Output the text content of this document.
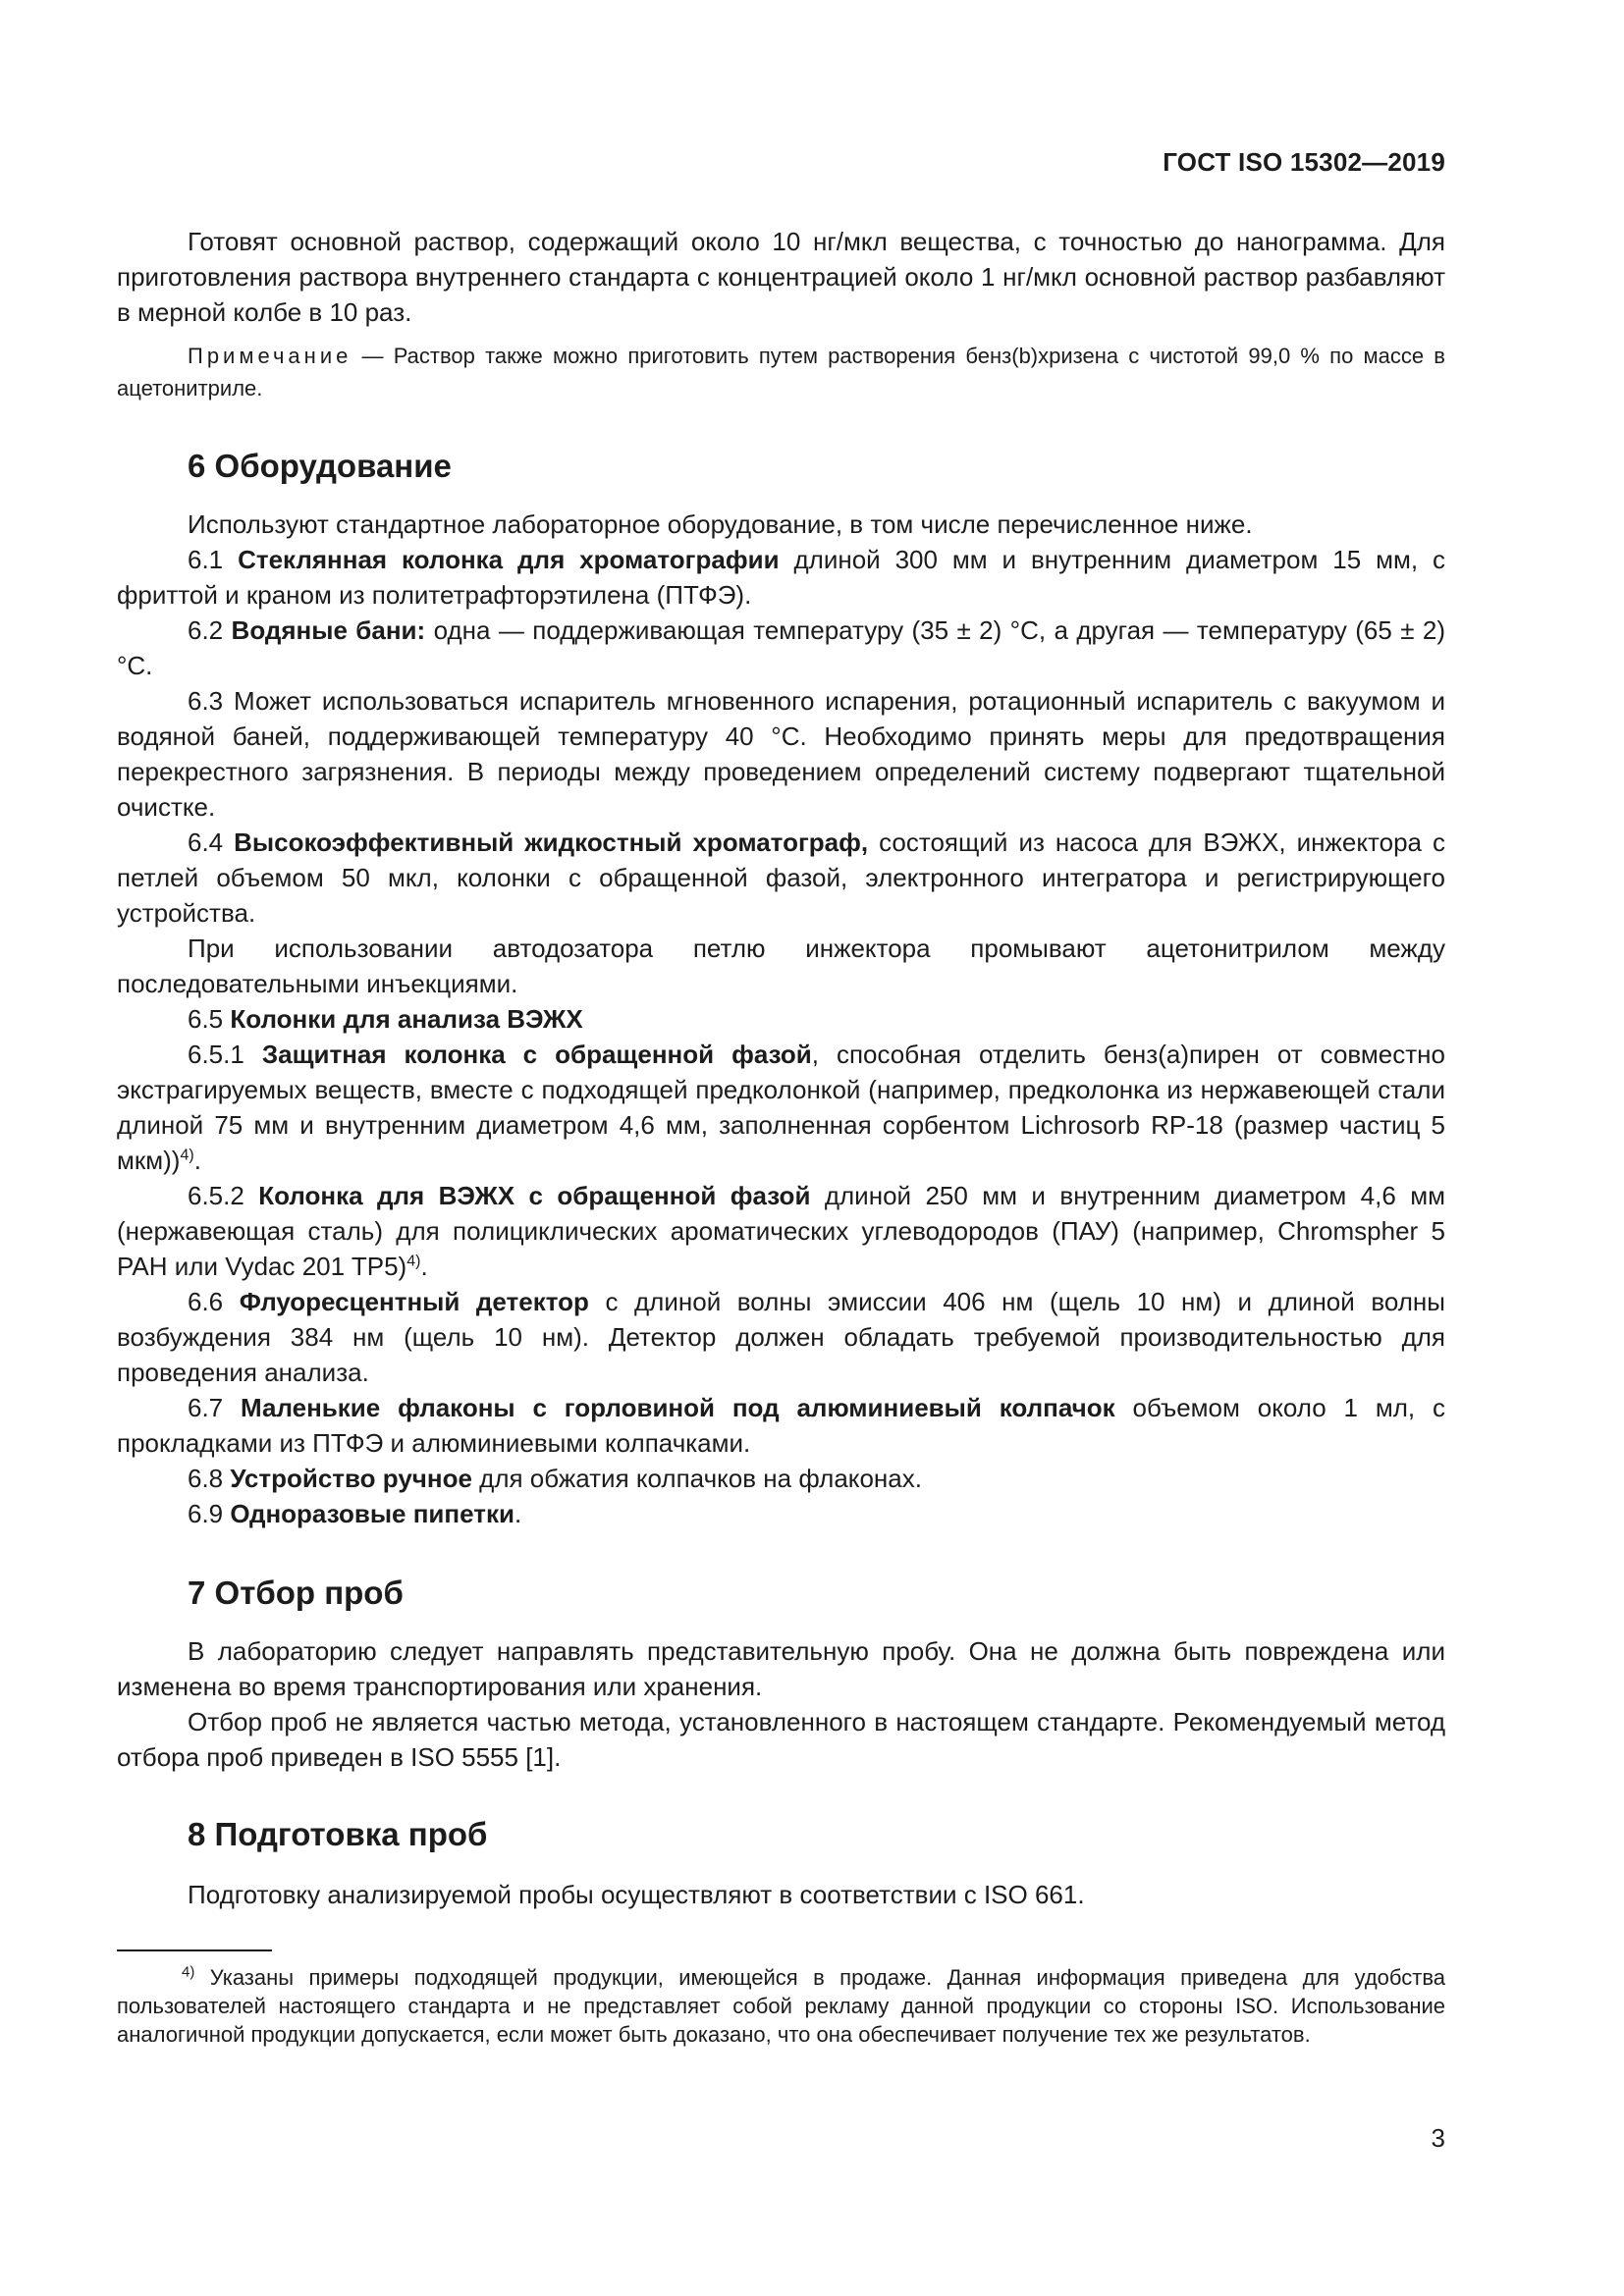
ГОСТ ISO 15302—2019

Готовят основной раствор, содержащий около 10 нг/мкл вещества, с точностью до нанограмма. Для приготовления раствора внутреннего стандарта с концентрацией около 1 нг/мкл основной раствор разбавляют в мерной колбе в 10 раз.

Примечание — Раствор также можно приготовить путем растворения бенз(b)хризена с чистотой 99,0 % по массе в ацетонитриле.

6 Оборудование

Используют стандартное лабораторное оборудование, в том числе перечисленное ниже.

6.1 Стеклянная колонка для хроматографии длиной 300 мм и внутренним диаметром 15 мм, с фриттой и краном из политетрафторэтилена (ПТФЭ).

6.2 Водяные бани: одна — поддерживающая температуру (35 ± 2) °С, а другая — температуру (65 ± 2) °С.

6.3 Может использоваться испаритель мгновенного испарения, ротационный испаритель с вакуумом и водяной баней, поддерживающей температуру 40 °С. Необходимо принять меры для предотвращения перекрестного загрязнения. В периоды между проведением определений систему подвергают тщательной очистке.

6.4 Высокоэффективный жидкостный хроматограф, состоящий из насоса для ВЭЖХ, инжектора с петлей объемом 50 мкл, колонки с обращенной фазой, электронного интегратора и регистрирующего устройства.

При использовании автодозатора петлю инжектора промывают ацетонитрилом между последовательными инъекциями.

6.5 Колонки для анализа ВЭЖХ

6.5.1 Защитная колонка с обращенной фазой, способная отделить бенз(а)пирен от совместно экстрагируемых веществ, вместе с подходящей предколонкой (например, предколонка из нержавеющей стали длиной 75 мм и внутренним диаметром 4,6 мм, заполненная сорбентом Lichrosorb RP-18 (размер частиц 5 мкм))$^{4)}$.

6.5.2 Колонка для ВЭЖХ с обращенной фазой длиной 250 мм и внутренним диаметром 4,6 мм (нержавеющая сталь) для полициклических ароматических углеводородов (ПАУ) (например, Chromspher 5 PAH или Vydac 201 TP5)$^{4)}$.

6.6 Флуоресцентный детектор с длиной волны эмиссии 406 нм (щель 10 нм) и длиной волны возбуждения 384 нм (щель 10 нм). Детектор должен обладать требуемой производительностью для проведения анализа.

6.7 Маленькие флаконы с горловиной под алюминиевый колпачок объемом около 1 мл, с прокладками из ПТФЭ и алюминиевыми колпачками.

6.8 Устройство ручное для обжатия колпачков на флаконах.

6.9 Одноразовые пипетки.

7 Отбор проб

В лабораторию следует направлять представительную пробу. Она не должна быть повреждена или изменена во время транспортирования или хранения.

Отбор проб не является частью метода, установленного в настоящем стандарте. Рекомендуемый метод отбора проб приведен в ISO 5555 [1].

8 Подготовка проб

Подготовку анализируемой пробы осуществляют в соответствии с ISO 661.

$^{4)}$ Указаны примеры подходящей продукции, имеющейся в продаже. Данная информация приведена для удобства пользователей настоящего стандарта и не представляет собой рекламу данной продукции со стороны ISO. Использование аналогичной продукции допускается, если может быть доказано, что она обеспечивает получение тех же результатов.

3
